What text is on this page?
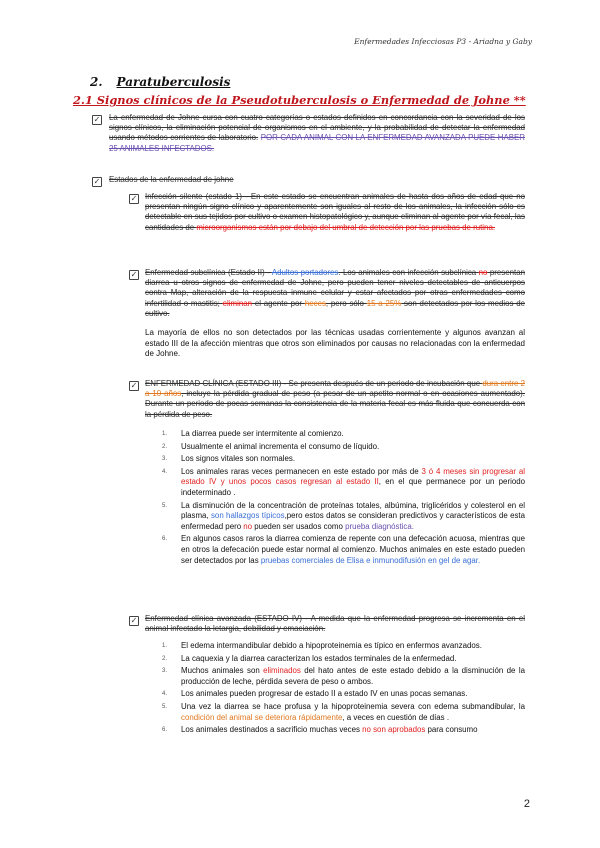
Enfermedades Infecciosas P3 - Ariadna y Gaby
2. Paratuberculosis
2.1 Signos clínicos de la Pseudotuberculosis o Enfermedad de Johne **
✓ La enfermedad de Johne cursa con cuatro categorías o estados definidos en concordancia con la severidad de los signos clínicos, la eliminación potencial de organismos en el ambiente, y la probabilidad de detectar la enfermedad usando métodos corrientes de laboratorio. POR CADA ANIMAL CON LA ENFERMEDAD AVANZADA PUEDE HABER 25 ANIMALES INFECTADOS.
✓ Estados de la enfermedad de johne
✓ Infección silente (estado 1) - En este estado se encuentran animales de hasta dos años de edad que no presentan ningún signo clínico y aparentemente son iguales al resto de los animales, la infección sólo es detectable en sus tejidos por cultivo o examen histopatológico y, aunque eliminan al agente por vía fecal, las cantidades de microorganismos están por debajo del umbral de detección por las pruebas de rutina.
✓ Enfermedad subclínica (Estado II) - Adultos portadores. Los animales con infección subclínica no presentan diarrea u otros signos de enfermedad de Johne, pero pueden tener niveles detectables de anticuerpos contra Map, alteración de la respuesta inmune celular y estar afectados por otras enfermedades como infertilidad o mastitis; eliminan el agente por heces, pero sólo 15 a 25% son detectados por los medios de cultivo.
La mayoría de ellos no son detectados por las técnicas usadas corrientemente y algunos avanzan al estado III de la afección mientras que otros son eliminados por causas no relacionadas con la enfermedad de Johne.
✓ ENFERMEDAD CLÍNICA (ESTADO III) - Se presenta después de un periodo de incubación que dura entre 2 a 10 años, incluye la pérdida gradual de peso (a pesar de un apetito normal o en ocasiones aumentado). Durante un periodo de pocas semanas la consistencia de la materia fecal es más fluida que concuerda con la pérdida de peso.
1. La diarrea puede ser intermitente al comienzo.
2. Usualmente el animal incrementa el consumo de líquido.
3. Los signos vitales son normales.
4. Los animales raras veces permanecen en este estado por más de 3 ó 4 meses sin progresar al estado IV y unos pocos casos regresan al estado II, en el que permanece por un periodo indeterminado .
5. La disminución de la concentración de proteínas totales, albúmina, triglicéridos y colesterol en el plasma, son hallazgos típicos,pero estos datos se consideran predictivos y característicos de esta enfermedad pero no pueden ser usados como prueba diagnóstica.
6. En algunos casos raros la diarrea comienza de repente con una defecación acuosa, mientras que en otros la defecación puede estar normal al comienzo. Muchos animales en este estado pueden ser detectados por las pruebas comerciales de Elisa e inmunodifusión en gel de agar.
✓ Enfermedad clínica avanzada (ESTADO IV) - A medida que la enfermedad progresa se incrementa en el animal infectado la letargia, debilidad y emaciación.
1. El edema intermandibular debido a hipoproteinemia es típico en enfermos avanzados.
2. La caquexia y la diarrea caracterizan los estados terminales de la enfermedad.
3. Muchos animales son eliminados del hato antes de este estado debido a la disminución de la producción de leche, pérdida severa de peso o ambos.
4. Los animales pueden progresar de estado II a estado IV en unas pocas semanas.
5. Una vez la diarrea se hace profusa y la hipoproteinemia severa con edema submandibular, la condición del animal se deteriora rápidamente, a veces en cuestión de días .
6. Los animales destinados a sacrificio muchas veces no son aprobados para consumo
2
